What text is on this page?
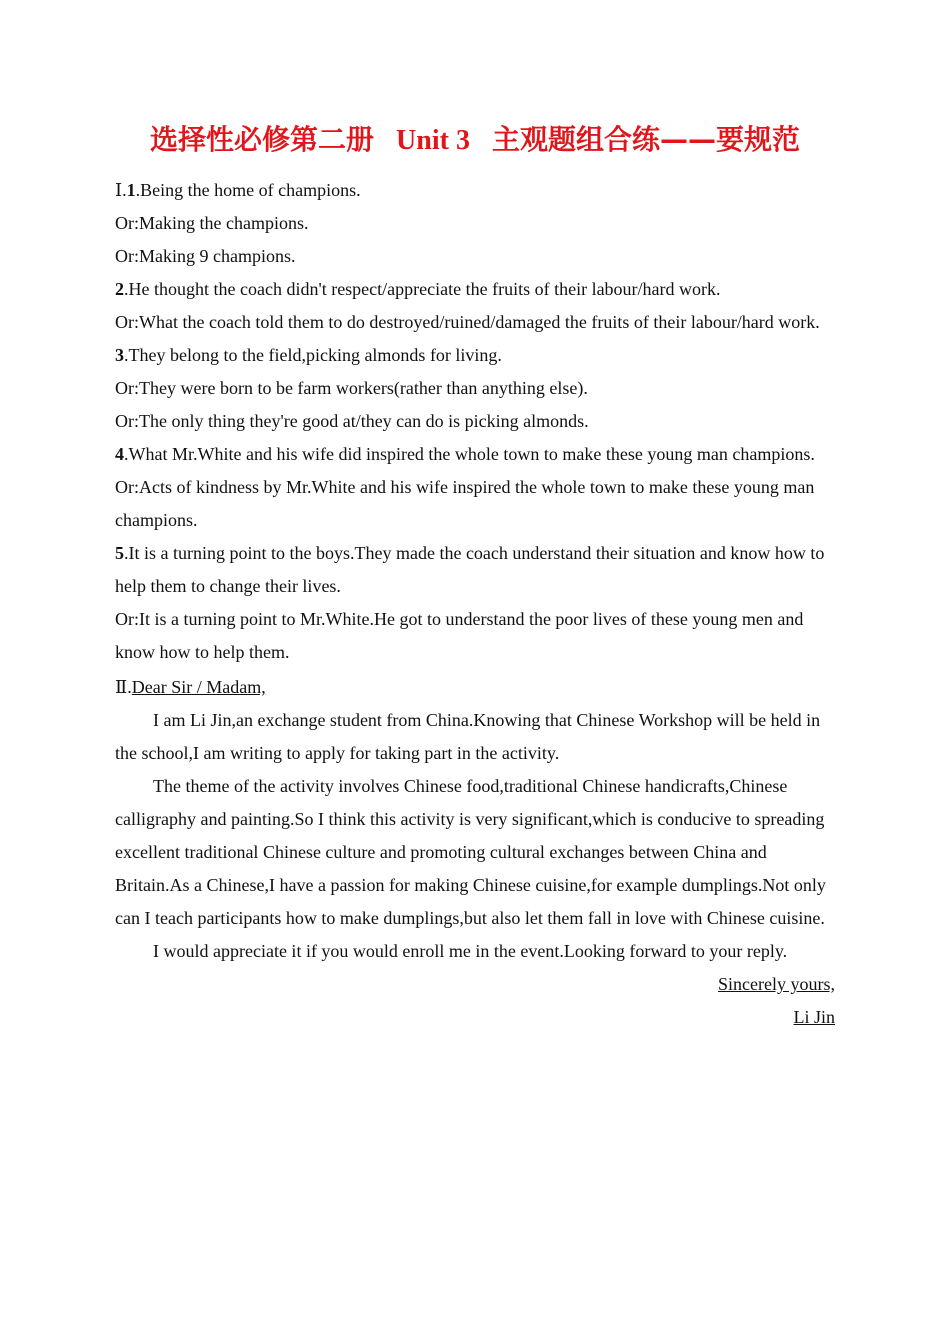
选择性必修第二册 Unit 3 主观题组合练——要规范

Ⅰ.1.Being the home of champions.

Or:Making the champions.

Or:Making 9 champions.

2.He thought the coach didn't respect/appreciate the fruits of their labour/hard work.

Or:What the coach told them to do destroyed/ruined/damaged the fruits of their labour/hard work.

3.They belong to the field,picking almonds for living.

Or:They were born to be farm workers(rather than anything else).

Or:The only thing they're good at/they can do is picking almonds.

4.What Mr.White and his wife did inspired the whole town to make these young man champions.

Or:Acts of kindness by Mr.White and his wife inspired the whole town to make these young man champions.

5.It is a turning point to the boys.They made the coach understand their situation and know how to help them to change their lives.

Or:It is a turning point to Mr.White.He got to understand the poor lives of these young men and know how to help them.

Ⅱ.Dear Sir / Madam,

I am Li Jin,an exchange student from China.Knowing that Chinese Workshop will be held in the school,I am writing to apply for taking part in the activity.

The theme of the activity involves Chinese food,traditional Chinese handicrafts,Chinese calligraphy and painting.So I think this activity is very significant,which is conducive to spreading excellent traditional Chinese culture and promoting cultural exchanges between China and Britain.As a Chinese,I have a passion for making Chinese cuisine,for example dumplings.Not only can I teach participants how to make dumplings,but also let them fall in love with Chinese cuisine.

I would appreciate it if you would enroll me in the event.Looking forward to your reply.

Sincerely yours,

Li Jin
